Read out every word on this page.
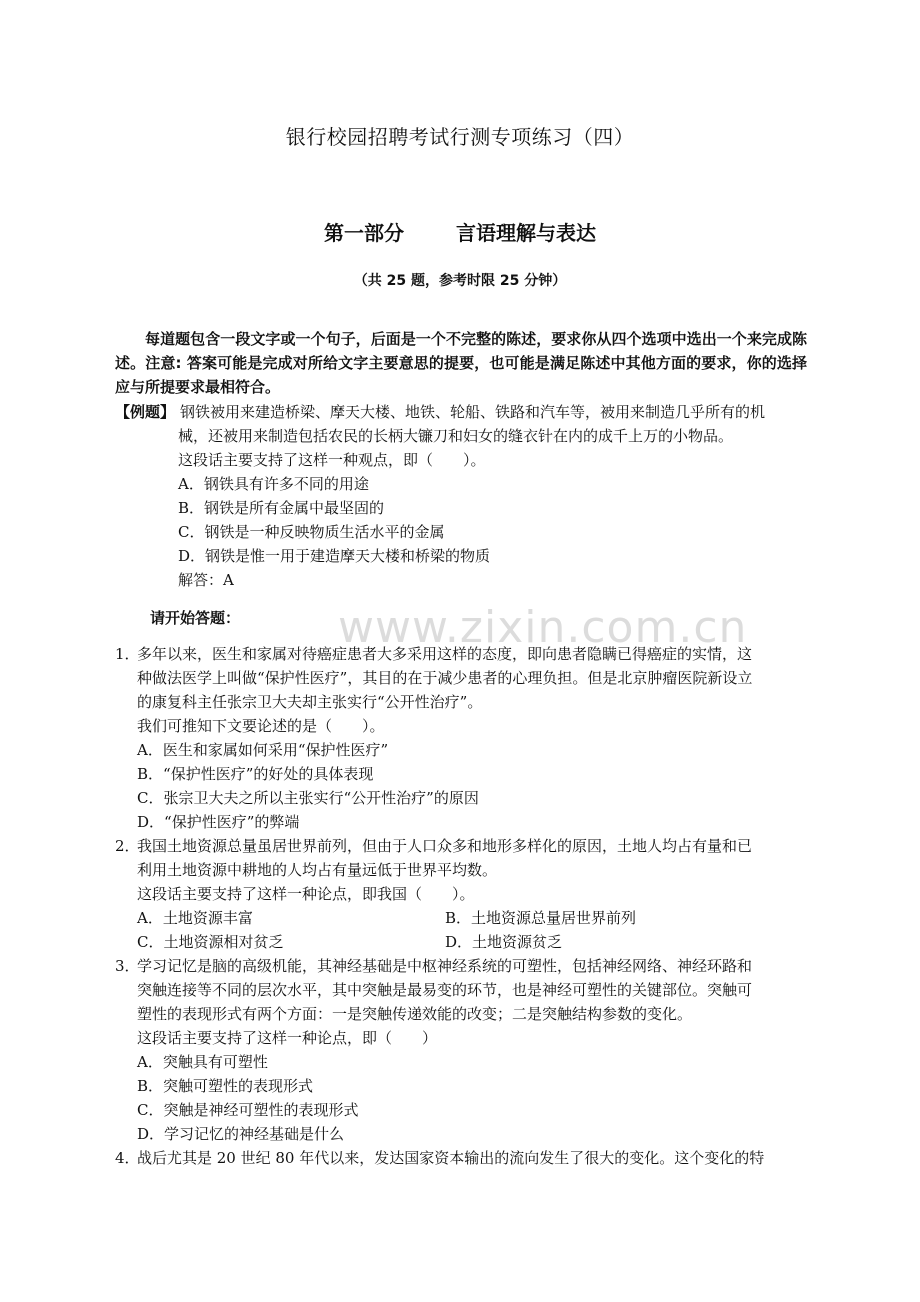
银行校园招聘考试行测专项练习（四）
第一部分	言语理解与表达
（共 25 题，参考时限 25 分钟）
每道题包含一段文字或一个句子，后面是一个不完整的陈述，要求你从四个选项中选出一个来完成陈述。注意: 答案可能是完成对所给文字主要意思的提要，也可能是满足陈述中其他方面的要求，你的选择应与所提要求最相符合。
【例题】 钢铁被用来建造桥梁、摩天大楼、地铁、轮船、铁路和汽车等，被用来制造几乎所有的机
械，还被用来制造包括农民的长柄大镰刀和妇女的缝衣针在内的成千上万的小物品。
这段话主要支持了这样一种观点，即（　　）。
A．钢铁具有许多不同的用途
B．钢铁是所有金属中最坚固的
C．钢铁是一种反映物质生活水平的金属
D．钢铁是惟一用于建造摩天大楼和桥梁的物质
解答：A
请开始答题： www.zixin.com.cn
1．
多年以来，医生和家属对待癌症患者大多采用这样的态度，即向患者隐瞒已得癌症的实情，这
种做法医学上叫做“保护性医疗”，其目的在于减少患者的心理负担。但是北京肿瘤医院新设立
的康复科主任张宗卫大夫却主张实行“公开性治疗”。
我们可推知下文要论述的是（　　）。
A．医生和家属如何采用“保护性医疗”
B．“保护性医疗”的好处的具体表现
C．张宗卫大夫之所以主张实行“公开性治疗”的原因
D．“保护性医疗”的弊端
2．
我国土地资源总量虽居世界前列，但由于人口众多和地形多样化的原因，土地人均占有量和已
利用土地资源中耕地的人均占有量远低于世界平均数。
这段话主要支持了这样一种论点，即我国（　　）。
A．土地资源丰富	B．土地资源总量居世界前列
C．土地资源相对贫乏	D．土地资源贫乏
3．
学习记忆是脑的高级机能，其神经基础是中枢神经系统的可塑性，包括神经网络、神经环路和
突触连接等不同的层次水平，其中突触是最易变的环节，也是神经可塑性的关键部位。突触可
塑性的表现形式有两个方面：一是突触传递效能的改变；二是突触结构参数的变化。
这段话主要支持了这样一种论点，即（　　）
A．突触具有可塑性
B．突触可塑性的表现形式
C．突触是神经可塑性的表现形式
D．学习记忆的神经基础是什么
4．
战后尤其是 20 世纪 80 年代以来，发达国家资本输出的流向发生了很大的变化。这个变化的特
